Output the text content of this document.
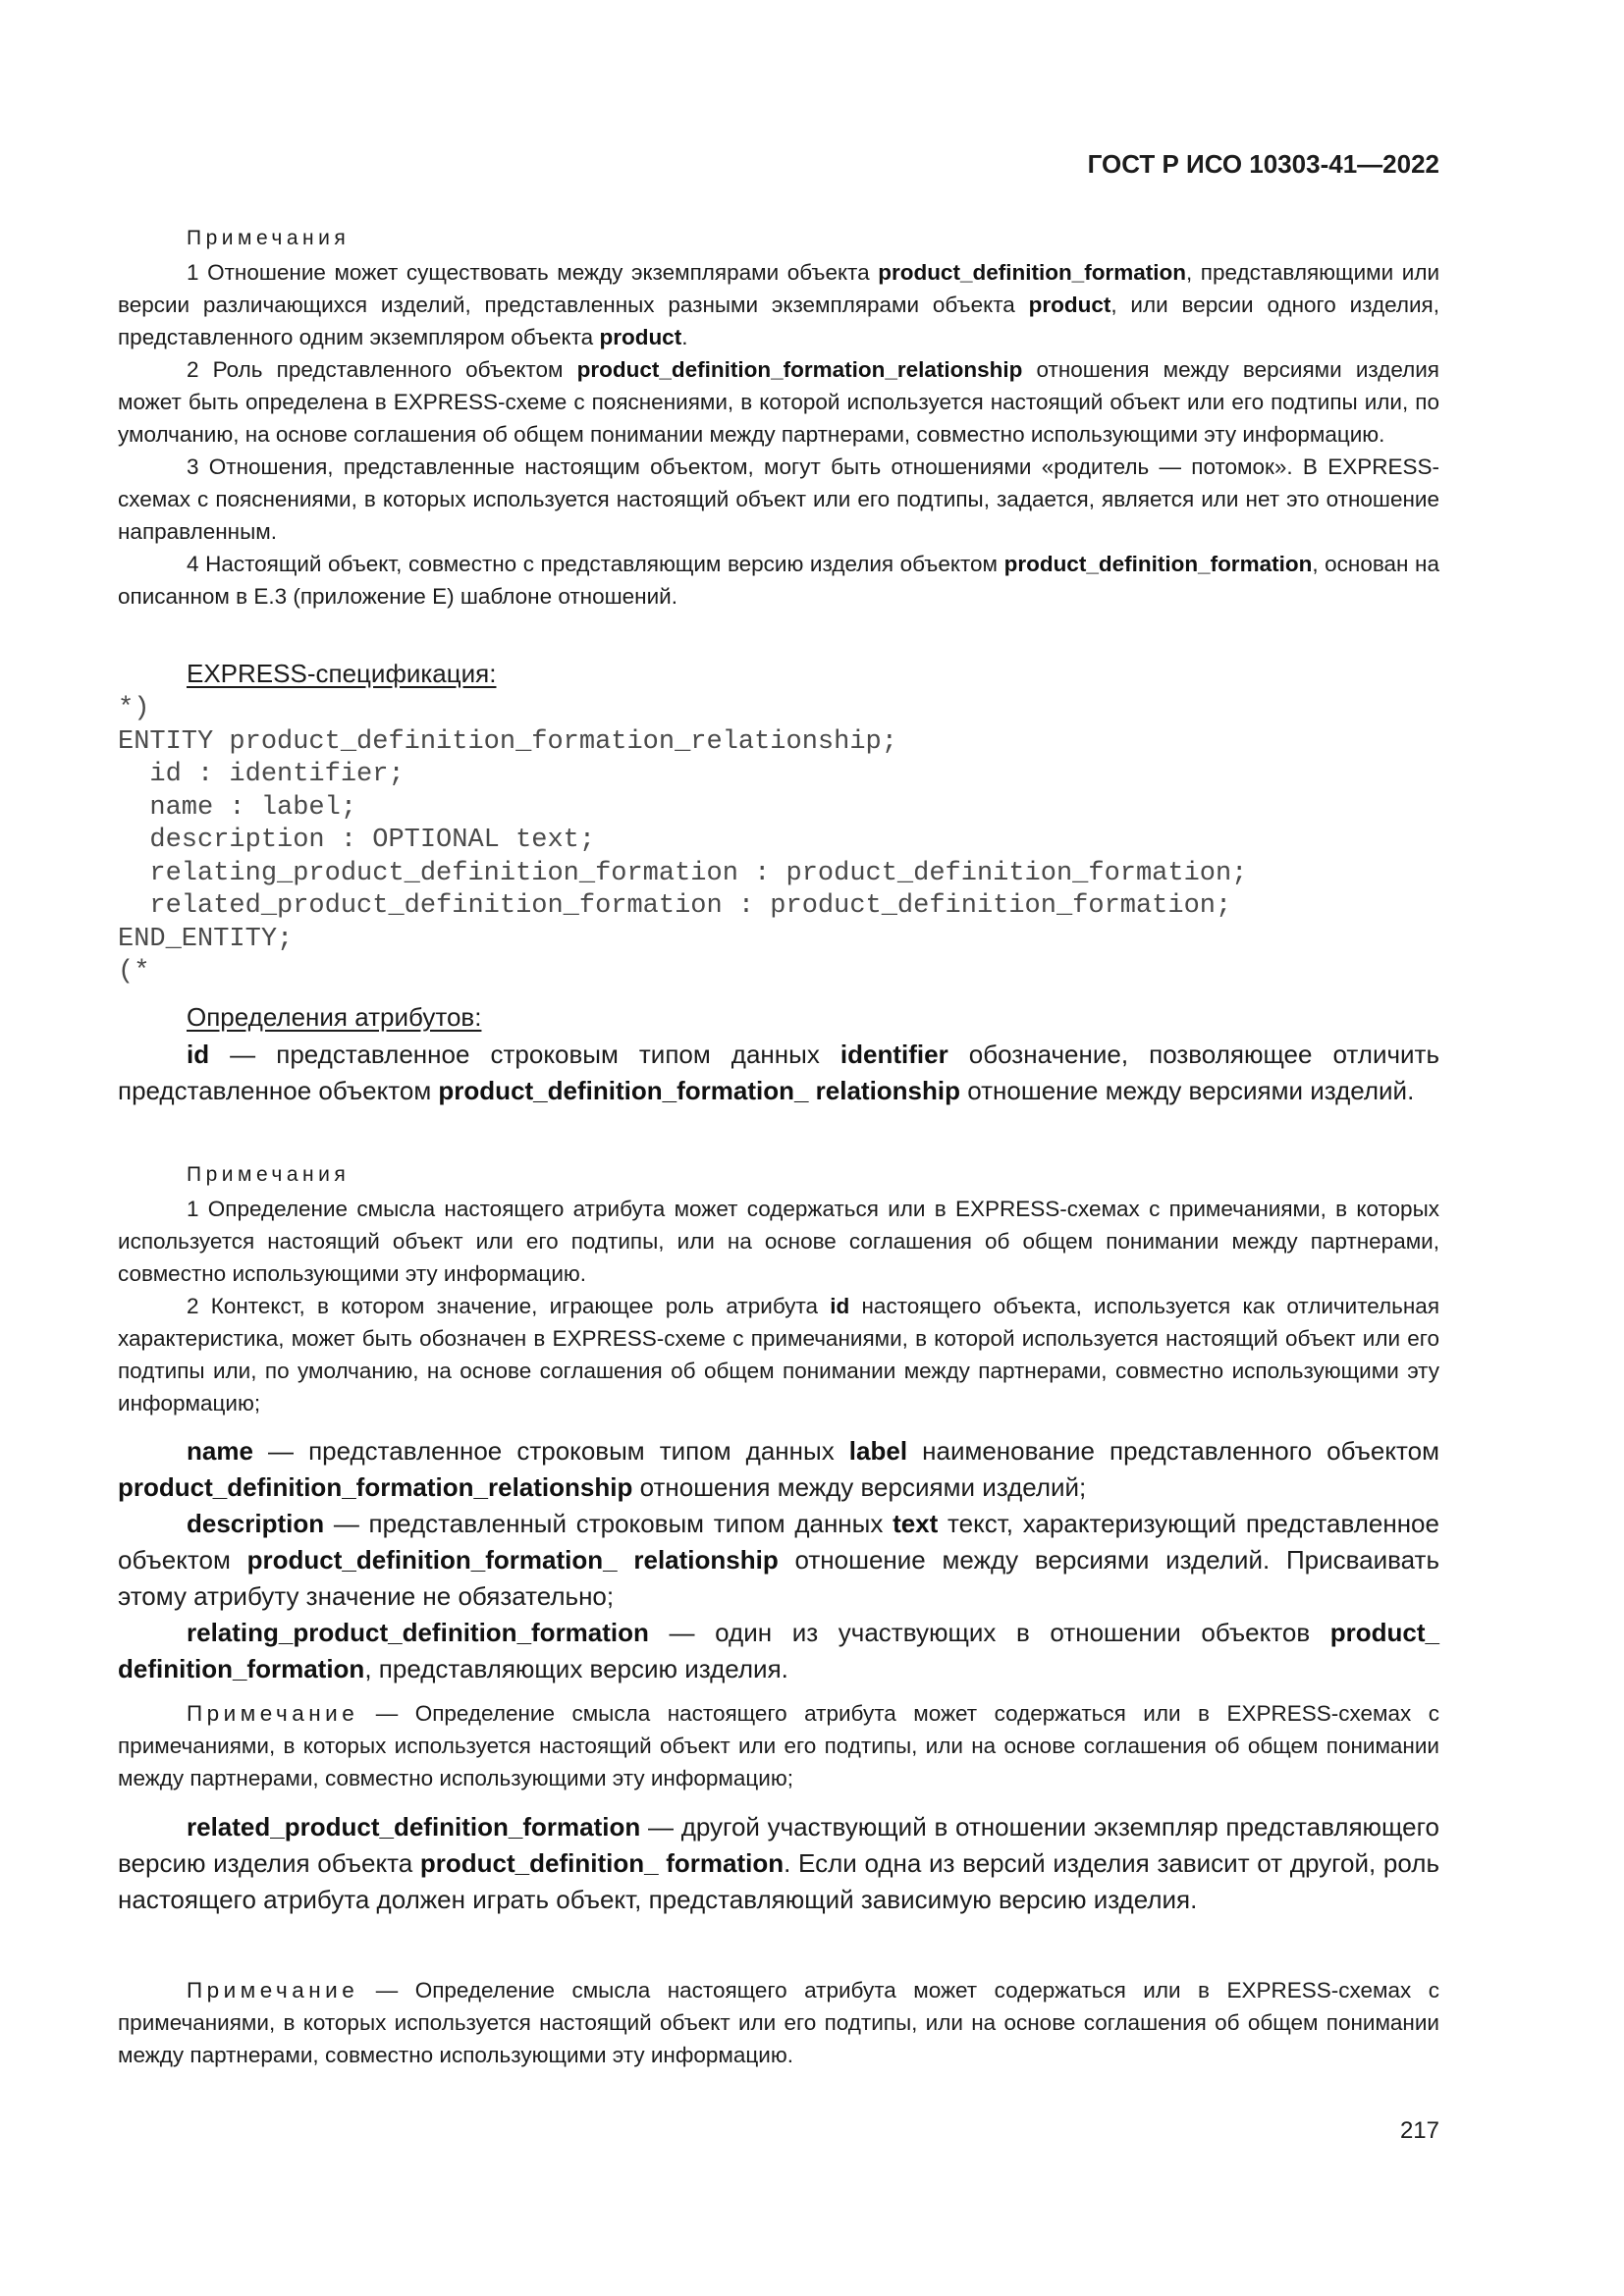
ГОСТ Р ИСО 10303-41—2022
Примечания

1 Отношение может существовать между экземплярами объекта product_definition_formation, представляющими или версии различающихся изделий, представленных разными экземплярами объекта product, или версии одного изделия, представленного одним экземпляром объекта product.

2 Роль представленного объектом product_definition_formation_relationship отношения между версиями изделия может быть определена в EXPRESS-схеме с пояснениями, в которой используется настоящий объект или его подтипы или, по умолчанию, на основе соглашения об общем понимании между партнерами, совместно использующими эту информацию.

3 Отношения, представленные настоящим объектом, могут быть отношениями «родитель — потомок». В EXPRESS-схемах с пояснениями, в которых используется настоящий объект или его подтипы, задается, является или нет это отношение направленным.

4 Настоящий объект, совместно с представляющим версию изделия объектом product_definition_formation, основан на описанном в Е.3 (приложение Е) шаблоне отношений.

EXPRESS-спецификация:
*)
ENTITY product_definition_formation_relationship;
id : identifier;
name : label;
description : OPTIONAL text;
relating_product_definition_formation : product_definition_formation;
related_product_definition_formation : product_definition_formation;
END_ENTITY;
(*
Определения атрибутов:

id — представленное строковым типом данных identifier обозначение, позволяющее отличить представленное объектом product_definition_formation_ relationship отношение между версиями изделий.

Примечания

1 Определение смысла настоящего атрибута может содержаться или в EXPRESS-схемах с примечаниями, в которых используется настоящий объект или его подтипы, или на основе соглашения об общем понимании между партнерами, совместно использующими эту информацию.

2 Контекст, в котором значение, играющее роль атрибута id настоящего объекта, используется как отличительная характеристика, может быть обозначен в EXPRESS-схеме с примечаниями, в которой используется настоящий объект или его подтипы или, по умолчанию, на основе соглашения об общем понимании между партнерами, совместно использующими эту информацию;

name — представленное строковым типом данных label наименование представленного объектом product_definition_formation_relationship отношения между версиями изделий;

description — представленный строковым типом данных text текст, характеризующий представленное объектом product_definition_formation_ relationship отношение между версиями изделий. Присваивать этому атрибуту значение не обязательно;

relating_product_definition_formation — один из участвующих в отношении объектов product_ definition_formation, представляющих версию изделия.

Примечание — Определение смысла настоящего атрибута может содержаться или в EXPRESS-схемах с примечаниями, в которых используется настоящий объект или его подтипы, или на основе соглашения об общем понимании между партнерами, совместно использующими эту информацию;

related_product_definition_formation — другой участвующий в отношении экземпляр представляющего версию изделия объекта product_definition_ formation. Если одна из версий изделия зависит от другой, роль настоящего атрибута должен играть объект, представляющий зависимую версию изделия.

Примечание — Определение смысла настоящего атрибута может содержаться или в EXPRESS-схемах с примечаниями, в которых используется настоящий объект или его подтипы, или на основе соглашения об общем понимании между партнерами, совместно использующими эту информацию.

217
